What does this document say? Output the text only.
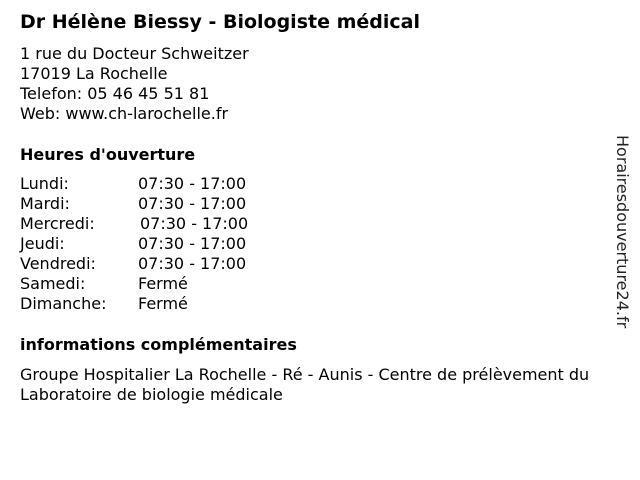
Dr Hélène Biessy - Biologiste médical
1 rue du Docteur Schweitzer
17019 La Rochelle
Telefon: 05 46 45 51 81
Web: www.ch-larochelle.fr
Heures d'ouverture
Lundi:	07:30 - 17:00
Mardi:	07:30 - 17:00
Mercredi:	07:30 - 17:00
Jeudi:	07:30 - 17:00
Vendredi:	07:30 - 17:00
Samedi:	Fermé
Dimanche: Fermé
informations complémentaires
Groupe Hospitalier La Rochelle - Ré - Aunis - Centre de prélèvement du Laboratoire de biologie médicale
Horairesdouverture24.fr
